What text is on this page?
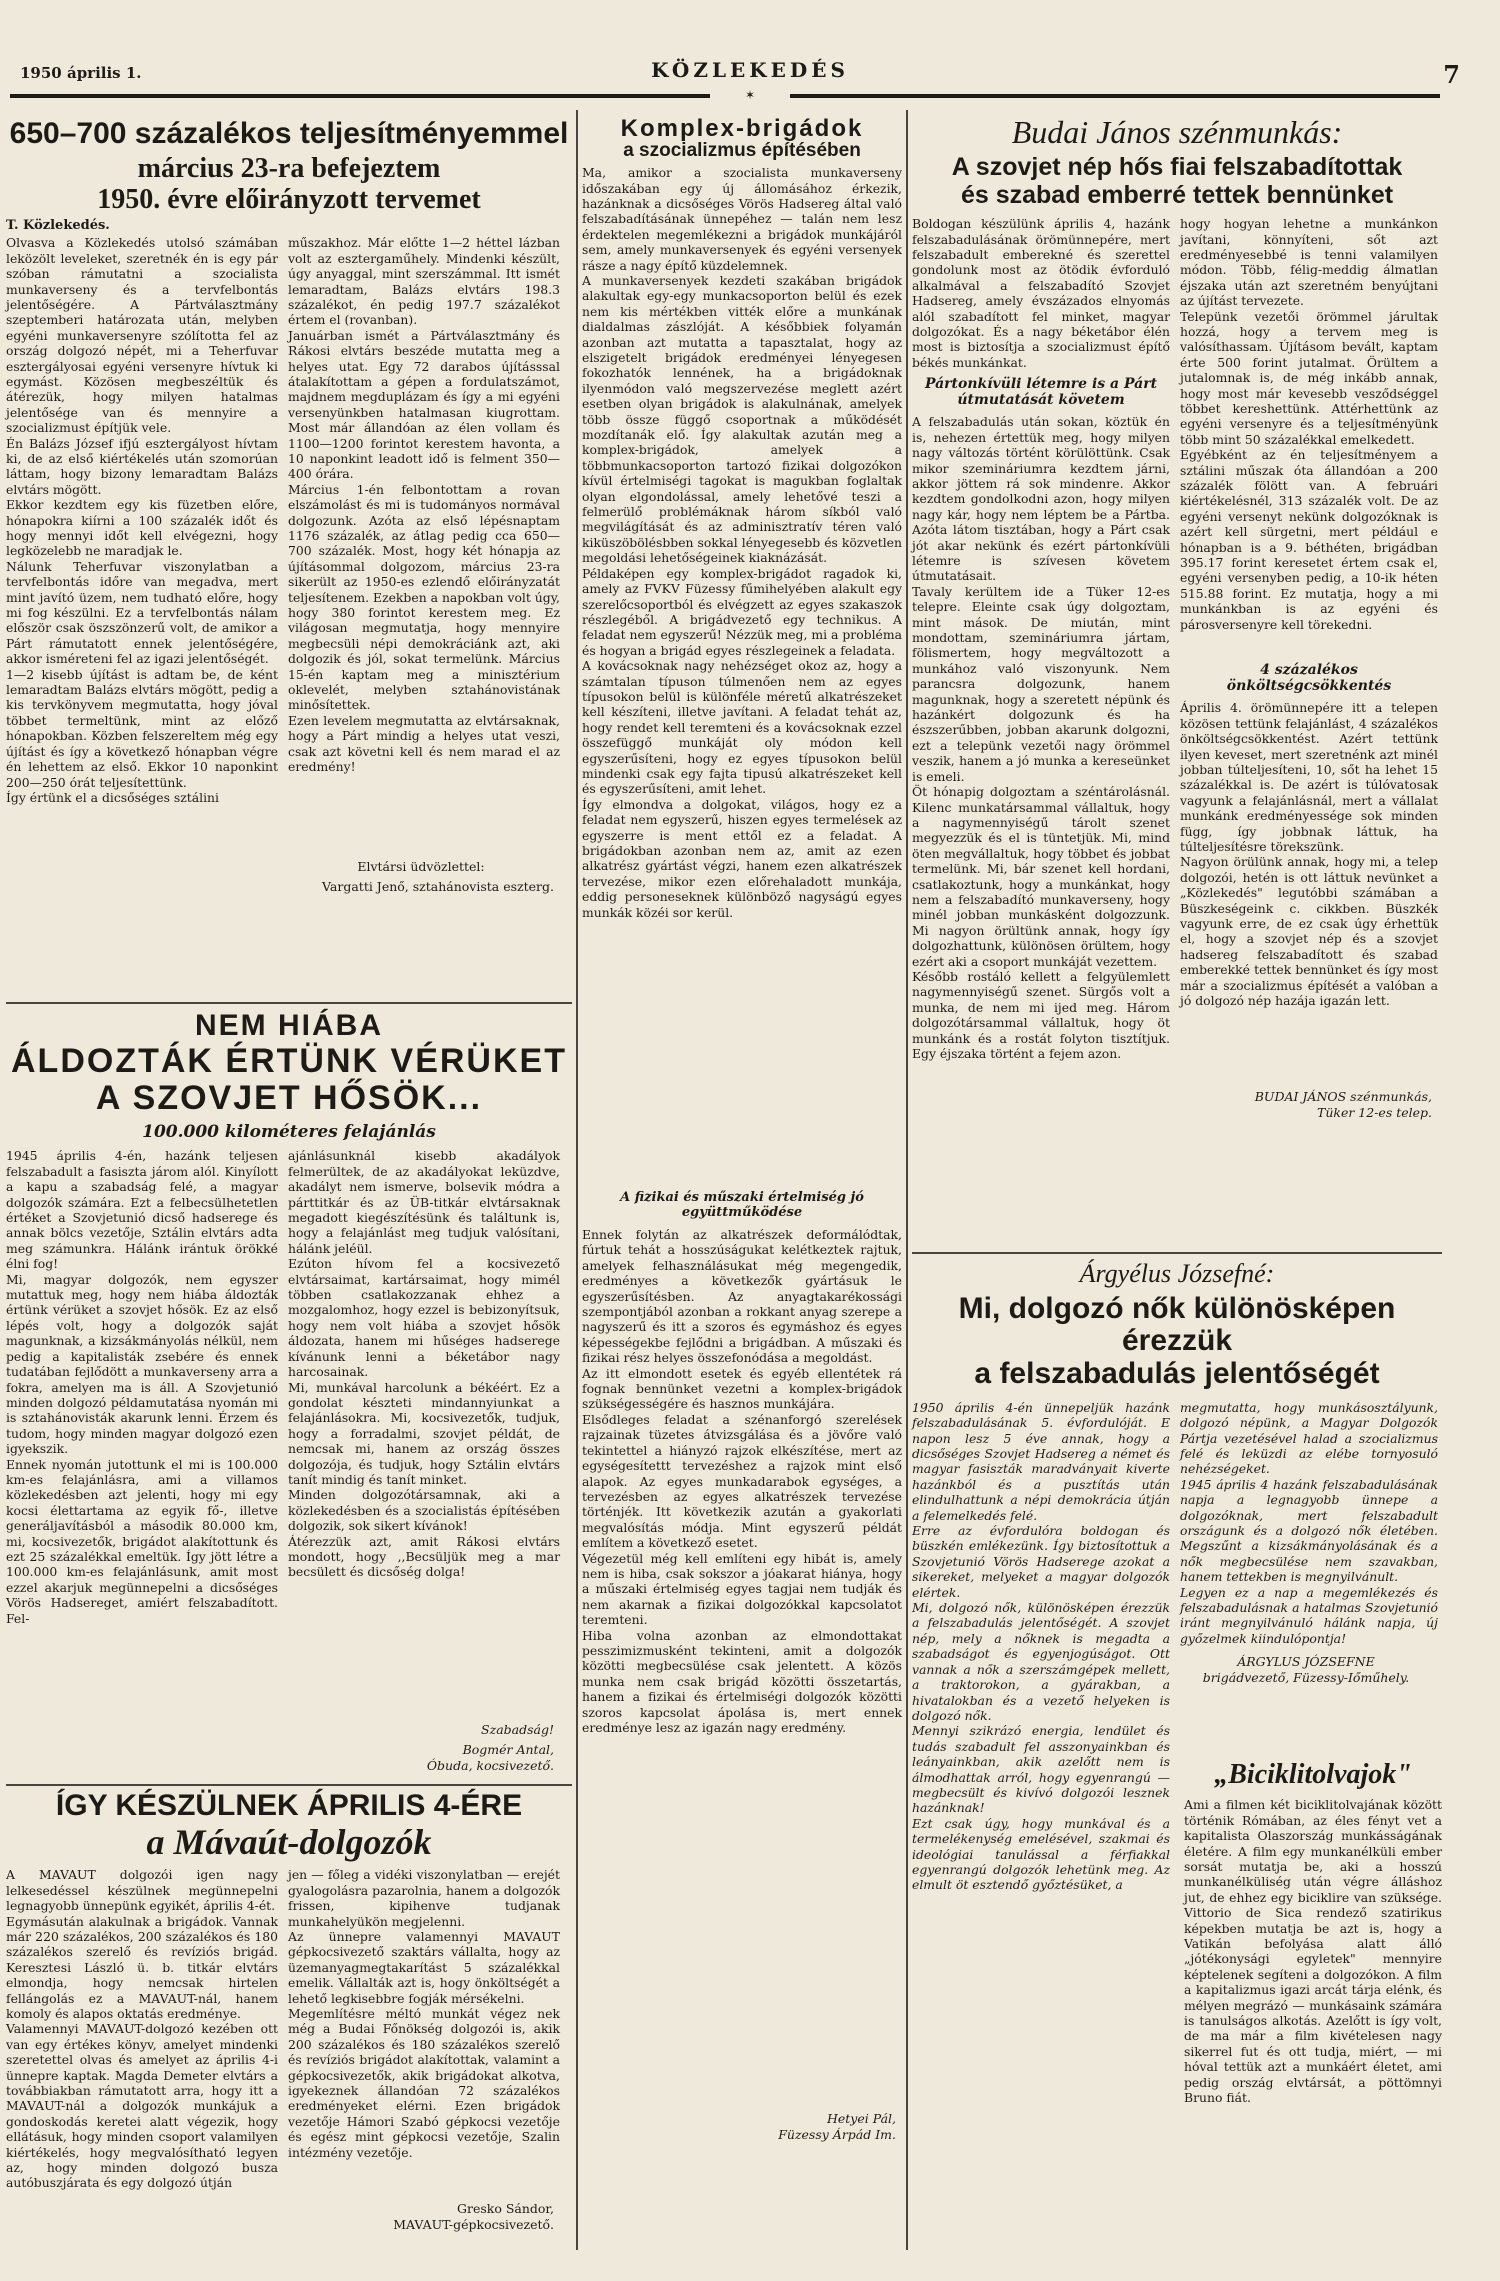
1950 április 1.	KÖZLEKEDÉS	7
✶
650–700 százalékos teljesítményemmel
március 23-ra befejeztem
1950. évre előirányzott tervemet
T. Közlekedés.

Olvasva a Közlekedés utolsó számában leközölt leveleket, szeretnék én is egy pár szóban rámutatni a szocialista munkaverseny és a tervfelbontás jelentőségére. A Pártválasztmány szeptemberi határozata után, melyben egyéni munkaversenyre szólította fel az ország dolgozó népét, mi a Teherfuvar esztergályosai egyéni versenyre hívtuk ki egymást. Közösen megbeszéltük és átérezük, hogy milyen hatalmas jelentősége van és mennyire a szocializmust építjük vele.
Én Balázs József ifjú esztergályost hívtam ki, de az első kiértékelés után szomorúan láttam, hogy bizony lemaradtam Balázs elvtárs mögött.
Ekkor kezdtem egy kis füzetben előre, hónapokra kiírni a 100 százalék időt és hogy mennyi időt kell elvégezni, hogy legközelebb ne maradjak le.
Nálunk Teherfuvar viszonylatban a tervfelbontás időre van megadva, mert mint javító üzem, nem tudható előre, hogy mi fog készülni. Ez a tervfelbontás nálam először csak öszszönzerű volt, de amikor a Párt rámutatott ennek jelentőségére, akkor isméreteni fel az igazi jelentőségét.
1—2 kisebb újítást is adtam be, de ként lemaradtam Balázs elvtárs mögött, pedig a kis tervkönyvem megmutatta, hogy jóval többet termeltünk, mint az előző hónapokban. Közben felszereltem még egy újítást és így a következő hónapban végre én lehettem az első. Ekkor 10 naponkint 200—250 órát teljesítettünk.
Így értünk el a dicsőséges sztálini

műszakhoz. Már előtte 1—2 héttel lázban volt az esztergaműhely. Mindenki készült, úgy anyaggal, mint szerszámmal. Itt ismét lemaradtam, Balázs elvtárs 198.3 százalékot, én pedig 197.7 százalékot értem el (rovanban).
Januárban ismét a Pártválasztmány és Rákosi elvtárs beszéde mutatta meg a helyes utat. Egy 72 darabos újításssal átalakítottam a gépen a fordulatszámot, majdnem megduplázam és így a mi egyéni versenyünkben hatalmasan kiugrottam. Most már állandóan az élen vollam és 1100—1200 forintot kerestem havonta, a 10 naponkint leadott idő is felment 350—400 órára.
Március 1-én felbontottam a rovan elszámolást és mi is tudományos normával dolgozunk. Azóta az első lépésnaptam 1176 százalék, az átlag pedig cca 650—700 százalék. Most, hogy két hónapja az újításommal dolgozom, március 23-ra sikerült az 1950-es ezlendő előirányzatát teljesítenem. Ezekben a napokban volt úgy, hogy 380 forintot kerestem meg. Ez világosan megmutatja, hogy mennyire megbecsüli népi demokráciánk azt, aki dolgozik és jól, sokat termelünk. Március 15-én kaptam meg a minisztérium oklevelét, melyben sztahánovistának minősítettek.
Ezen levelem megmutatta az elvtársaknak, hogy a Párt mindig a helyes utat veszi, csak azt követni kell és nem marad el az eredmény!

Elvtársi üdvözlettel:
Vargatti Jenő, sztahánovista eszterg.
NEM HIÁBA
ÁLDOZTÁK ÉRTÜNK VÉRÜKET
A SZOVJET HŐSÖK...
100.000 kilométeres felajánlás

1945 április 4-én, hazánk teljesen felszabadult a fasiszta járom alól. Kinyílott a kapu a szabadság felé, a magyar dolgozók számára. Ezt a felbecsülhetetlen értéket a Szovjetunió dicső hadserege és annak bölcs vezetője, Sztálin elvtárs adta meg számunkra. Hálánk irántuk örökké élni fog!
Mi, magyar dolgozók, nem egyszer mutattuk meg, hogy nem hiába áldozták értünk vérüket a szovjet hősök. Ez az első lépés volt, hogy a dolgozók saját magunknak, a kizsákmányolás nélkül, nem pedig a kapitalisták zsebére és ennek tudatában fejlődött a munkaverseny arra a fokra, amelyen ma is áll. A Szovjetunió minden dolgozó példamutatása nyomán mi is sztahánovisták akarunk lenni. Érzem és tudom, hogy minden magyar dolgozó ezen igyekszik.
Ennek nyomán jutottunk el mi is 100.000 km-es felajánlásra, ami a villamos közlekedésben azt jelenti, hogy mi egy kocsi élettartama az egyik fő-, illetve generáljavításból a második 80.000 km, mi, kocsivezetők, brigádot alakítottunk és ezt 25 százalékkal emeltük. Így jött létre a 100.000 km-es felajánlásunk, amit most ezzel akarjuk megünnepelni a dicsőséges Vörös Hadsereget, amiért felszabadított. Fel-

ajánlásunknál kisebb akadályok felmerültek, de az akadályokat leküzdve, akadályt nem ismerve, bolsevik módra a párttitkár és az ÜB-titkár elvtársaknak megadott kiegészítésünk és találtunk is, hogy a felajánlást meg tudjuk valósítani, hálánk jeléül.
Ezúton hívom fel a kocsivezető elvtársaimat, kartársaimat, hogy mimél többen csatlakozzanak ehhez a mozgalomhoz, hogy ezzel is bebizonyítsuk, hogy nem volt hiába a szovjet hősök áldozata, hanem mi hűséges hadserege kívánunk lenni a béketábor nagy harcosainak.
Mi, munkával harcolunk a békéért. Ez a gondolat készteti mindannyiunkat a felajánlásokra. Mi, kocsivezetők, tudjuk, hogy a forradalmi, szovjet példát, de nemcsak mi, hanem az ország összes dolgozója, és tudjuk, hogy Sztálin elvtárs tanít mindig és tanít minket.
Minden dolgozótársamnak, aki a közlekedésben és a szocialistás építésében dolgozik, sok sikert kívánok!
Átérezzük azt, amit Rákosi elvtárs mondott, hogy ,,Becsüljük meg a mar becsülett és dicsőség dolga!

Szabadság!
Bogmér Antal,
Óbuda, kocsivezető.
ÍGY KÉSZÜLNEK ÁPRILIS 4-ÉRE
a Mávaút-dolgozók

A MAVAUT dolgozói igen nagy lelkesedéssel készülnek megünnepelni legnagyobb ünnepünk egyikét, április 4-ét.
Egymásután alakulnak a brigádok. Vannak már 220 százalékos, 200 százalékos és 180 százalékos szerelő és revíziós brigád. Keresztesi László ü. b. titkár elvtárs elmondja, hogy nemcsak hirtelen fellángolás ez a MAVAUT-nál, hanem komoly és alapos oktatás eredménye.
Valamennyi MAVAUT-dolgozó kezében ott van egy értékes könyv, amelyet mindenki szeretettel olvas és amelyet az április 4-i ünnepre kaptak. Magda Demeter elvtárs a továbbiakban rámutatott arra, hogy itt a MAVAUT-nál a dolgozók munkájuk a gondoskodás keretei alatt végezik, hogy ellátásuk, hogy minden csoport valamilyen kiértékelés, hogy megvalósítható legyen az, hogy minden dolgozó busza autóbuszjárata és egy dolgozó útján

jen — főleg a vidéki viszonylatban — erejét gyalogolásra pazarolnia, hanem a dolgozók frissen, kipihenve tudjanak munkahelyükön megjelenni.
Az ünnepre valamennyi MAVAUT gépkocsivezető szaktárs vállalta, hogy az üzemanyagmegtakarítást 5 százalékkal emelik. Vállalták azt is, hogy önköltségét a lehető legkisebbre fogják mérsékelni.
Megemlítésre méltó munkát végez nek még a Budai Főnökség dolgozói is, akik 200 százalékos és 180 százalékos szerelő és revíziós brigádot alakítottak, valamint a gépkocsivezetők, akik brigádokat alkotva, igyekeznek állandóan 72 százalékos eredményeket elérni. Ezen brigádok vezetője Hámori Szabó gépkocsi vezetője és egész mint gépkocsi vezetője, Szalin intézmény vezetője.

Gresko Sándor,
MAVAUT-gépkocsivezető.
Komplex-brigádok
a szocializmus építésében

Ma, amikor a szocialista munkaverseny időszakában egy új állomásához érkezik, hazánknak a dicsőséges Vörös Hadsereg által való felszabadításának ünnepéhez — talán nem lesz érdektelen megemlékezni a brigádok munkájáról sem, amely munkaversenyek és egyéni versenyek rásze a nagy építő küzdelemnek.
A munkaversenyek kezdeti szakában brigádok alakultak egy-egy munkacsoporton belül és ezek nem kis mértékben vitték előre a munkának dialdalmas zászlóját. A későbbiek folyamán azonban azt mutatta a tapasztalat, hogy az elszigetelt brigádok eredményei lényegesen fokozhatók lennének, ha a brigádoknak ilyenmódon való megszervezése meglett azért esetben olyan brigádok is alakulnának, amelyek több össze függő csoportnak a működését mozdítanák elő. Így alakultak azután meg a komplex-brigádok, amelyek a többmunkacsoporton tartozó fizikai dolgozókon kívül értelmiségi tagokat is magukban foglaltak olyan elgondolással, amely lehetővé teszi a felmerülő problémáknak három síkból való megvilágítását és az adminisztratív téren való kiküszöbölésbben sokkal lényegesebb és közvetlen megoldási lehetőségeinek kiaknázását.
Példaképen egy komplex-brigádot ragadok ki, amely az FVKV Füzessy fűmihelyében alakult egy szerelőcsoportból és elvégzett az egyes szakaszok részlegéből. A brigádvezető egy technikus. A feladat nem egyszerű! Nézzük meg, mi a probléma és hogyan a brigád egyes részlegeinek a feladata.
A kovácsoknak nagy nehézséget okoz az, hogy a számtalan típuson túlmenően nem az egyes típusokon belül is különféle méretű alkatrészeket kell készíteni, illetve javítani. A feladat tehát az, hogy rendet kell teremteni és a kovácsoknak ezzel összefüggő munkáját oly módon kell egyszerűsíteni, hogy ez egyes típusokon belül mindenki csak egy fajta tipusú alkatrészeket kell és egyszerűsíteni, amit lehet.
Így elmondva a dolgokat, világos, hogy ez a feladat nem egyszerű, hiszen egyes termelések az egyszerre is ment ettől ez a feladat. A brigádokban azonban nem az, amit az ezen alkatrész gyártást végzi, hanem ezen alkatrészek tervezése, mikor ezen előrehaladott munkája, eddig personeseknek különböző nagyságú egyes munkák közéi sor kerül.

A fizikai és műszaki értelmiség jó együttműködése

Ennek folytán az alkatrészek deformálódtak, fúrtuk tehát a hosszúságukat kelétkeztek rajtuk, amelyek felhasználásukat még megengedik, eredményes a következők gyártásuk le egyszerűsítésben. Az anyagtakarékossági szempontjából azonban a rokkant anyag szerepe a nagyszerű és itt a szoros és egymáshoz és egyes képességekbe fejlődni a brigádban. A műszaki és fizikai rész helyes összefonódása a megoldást.
Az itt elmondott esetek és egyéb ellentétek rá fognak bennünket vezetni a komplex-brigádok szükségességére és hasznos munkájára.
Elsődleges feladat a szénanforgó szerelések rajzainak tüzetes átvizsgálása és a jövőre való tekintettel a hiányzó rajzok elkészítése, mert az egységesítettt tervezéshez a rajzok mint első alapok. Az egyes munkadarabok egységes, a tervezésben az egyes alkatrészek tervezése történjék. Itt következik azután a gyakorlati megvalósítás módja. Mint egyszerű példát említem a következő esetet.
Végezetül még kell említeni egy hibát is, amely nem is hiba, csak sokszor a jóakarat hiánya, hogy a műszaki értelmiség egyes tagjai nem tudják és nem akarnak a fizikai dolgozókkal kapcsolatot teremteni.
Hiba volna azonban az elmondottakat pesszimizmusként tekinteni, amit a dolgozók közötti megbecsülése csak jelentett. A közös munka nem csak brigád közötti összetartás, hanem a fizikai és értelmiségi dolgozók közötti szoros kapcsolat ápolása is, mert ennek eredménye lesz az igazán nagy eredmény.

Hetyei Pál,
Füzessy Árpád Im.
Budai János szénmunkás:
A szovjet nép hős fiai felszabadítottak
és szabad emberré tettek bennünket

Boldogan készülünk április 4, hazánk felszabadulásának örömünnepére, mert felszabadult emberekné és szerettel gondolunk most az ötödik évforduló alkalmával a felszabadító Szovjet Hadsereg, amely évszázados elnyomás alól szabadított fel minket, magyar dolgozókat. És a nagy béketábor élén most is biztosítja a szocializmust építő békés munkánkat.

Pártonkívüli létemre is a Párt útmutatását követem

A felszabadulás után sokan, köztük én is, nehezen értettük meg, hogy milyen nagy változás történt körülöttünk. Csak mikor szemináriumra kezdtem járni, akkor jöttem rá sok mindenre. Akkor kezdtem gondolkodni azon, hogy milyen nagy kár, hogy nem léptem be a Pártba. Azóta látom tisztában, hogy a Párt csak jót akar nekünk és ezért pártonkívüli létemre is szívesen követem útmutatásait.
Tavaly kerültem ide a Tüker 12-es telepre. Eleinte csak úgy dolgoztam, mint mások. De miután, mint mondottam, szemináriumra jártam, fölismertem, hogy megváltozott a munkához való viszonyunk. Nem parancsra dolgozunk, hanem magunknak, hogy a szeretett népünk és hazánkért dolgozunk és ha észszerűbben, jobban akarunk dolgozni, ezt a telepünk vezetői nagy örömmel veszik, hanem a jó munka a kereseünket is emeli.
Öt hónapig dolgoztam a széntárolásnál. Kilenc munkatársammal vállaltuk, hogy a nagymennyiségű tárolt szenet megyezzük és el is tüntetjük. Mi, mind öten megvállaltuk, hogy többet és jobbat termelünk. Mi, bár szenet kell hordani, csatlakoztunk, hogy a munkánkat, hogy nem a felszabadító munkaverseny, hogy minél jobban munkásként dolgozzunk. Mi nagyon örültünk annak, hogy így dolgozhattunk, különösen örültem, hogy ezért aki a csoport munkáját vezettem.
Később rostáló kellett a felgyülemlett nagymennyiségű szenet. Sürgős volt a munka, de nem mi ijed meg. Három dolgozótársammal vállaltuk, hogy öt munkánk és a rostát folyton tisztítjuk. Egy éjszaka történt a fejem azon.

hogy hogyan lehetne a munkánkon javítani, könnyíteni, sőt azt eredményesebbé is tenni valamilyen módon. Több, félig-meddig álmatlan éjszaka után azt szeretném benyújtani az újítást tervezete.
Telepünk vezetői örömmel járultak hozzá, hogy a tervem meg is valósíthassam. Újításom bevált, kaptam érte 500 forint jutalmat. Örültem a jutalomnak is, de még inkább annak, hogy most már kevesebb vesződséggel többet kereshettünk. Attérhettünk az egyéni versenyre és a teljesítményünk több mint 50 százalékkal emelkedett.
Egyébként az én teljesítményem a sztálini műszak óta állandóan a 200 százalék fölött van. A februári kiértékelésnél, 313 százalék volt. De az egyéni versenyt nekünk dolgozóknak is azért kell sürgetni, mert például e hónapban is a 9. béthéten, brigádban 395.17 forint keresetet értem csak el, egyéni versenyben pedig, a 10-ik héten 515.88 forint. Ez mutatja, hogy a mi munkánkban is az egyéni és párosversenyre kell törekedni.

4 százalékos önköltségcsökkentés

Április 4. örömünnepére itt a telepen közösen tettünk felajánlást, 4 százalékos önköltségcsökkentést. Azért tettünk ilyen keveset, mert szeretnénk azt minél jobban túlteljesíteni, 10, sőt ha lehet 15 százalékkal is. De azért is túlóvatosak vagyunk a felajánlásnál, mert a vállalat munkánk eredményessége sok minden függ, így jobbnak láttuk, ha túlteljesítésre törekszünk.
Nagyon örülünk annak, hogy mi, a telep dolgozói, hetén is ott láttuk nevünket a „Közlekedés" legutóbbi számában a Büszkeségeink c. cikkben. Büszkék vagyunk erre, de ez csak úgy érhettük el, hogy a szovjet nép és a szovjet hadsereg felszabadított és szabad emberekké tettek bennünket és így most már a szocializmus építését a valóban a jó dolgozó nép hazája igazán lett.

BUDAI JÁNOS szénmunkás,
Tüker 12-es telep.
Árgyélus Józsefné:
Mi, dolgozó nők különösképen érezzük
a felszabadulás jelentőségét

1950 április 4-én ünnepeljük hazánk felszabadulásának 5. évfordulóját. E napon lesz 5 éve annak, hogy a dicsőséges Szovjet Hadsereg a német és magyar fasiszták maradványait kiverte hazánkból és a pusztítás után elindulhattunk a népi demokrácia útján a felemelkedés felé.
Erre az évfordulóra boldogan és büszkén emlékezünk. Így biztosítottuk a Szovjetunió Vörös Hadserege azokat a sikereket, melyeket a magyar dolgozók elértek.
Mi, dolgozó nők, különösképen érezzük a felszabadulás jelentőségét. A szovjet nép, mely a nőknek is megadta a szabadságot és egyenjogúságot. Ott vannak a nők a szerszámgépek mellett, a traktorokon, a gyárakban, a hivatalokban és a vezető helyeken is dolgozó nők.
Mennyi szikrázó energia, lendület és tudás szabadult fel asszonyainkban és leányainkban, akik azelőtt nem is álmodhattak arról, hogy egyenrangú — megbecsült és kivívó dolgozói lesznek hazánknak!
Ezt csak úgy, hogy munkával és a termelékenység emelésével, szakmai és ideológiai tanulással a férfiakkal egyenrangú dolgozók lehetünk meg. Az elmult öt esztendő győztésüket, a

megmutatta, hogy munkásosztályunk, dolgozó népünk, a Magyar Dolgozók Pártja vezetésével halad a szocializmus felé és leküzdi az elébe tornyosuló nehézségeket.
1945 április 4 hazánk felszabadulásának napja a legnagyobb ünnepe a dolgozóknak, mert felszabadult országunk és a dolgozó nők életében. Megszűnt a kizsákmányolásának és a nők megbecsülése nem szavakban, hanem tettekben is megnyilvánult.
Legyen ez a nap a megemlékezés és felszabadulásnak a hatalmas Szovjetunió iránt megnyilvánuló hálánk napja, új győzelmek kiindulópontja!

ÁRGYLUS JÓZSEFNE
brigádvezető, Füzessy-Iőműhely.
„Biciklitolvajok"

Ami a filmen két biciklitolvajának között történik Rómában, az éles fényt vet a kapitalista Olaszország munkásságának életére. A film egy munkanélküli ember sorsát mutatja be, aki a hosszú munkanélküliség után végre álláshoz jut, de ehhez egy biciklire van szüksége. Vittorio de Sica rendező szatirikus képekben mutatja be azt is, hogy a Vatikán befolyása alatt álló „jótékonysági egyletek" mennyire képtelenek segíteni a dolgozókon. A film a kapitalizmus igazi arcát tárja elénk, és mélyen megrázó — munkásaink számára is tanulságos alkotás. Azelőtt is így volt, de ma már a film kivételesen nagy sikerrel fut és ott tudja, miért, — mi hóval tettük azt a munkáért életet, ami pedig ország elvtársát, a pöttömnyi Bruno fiát.
